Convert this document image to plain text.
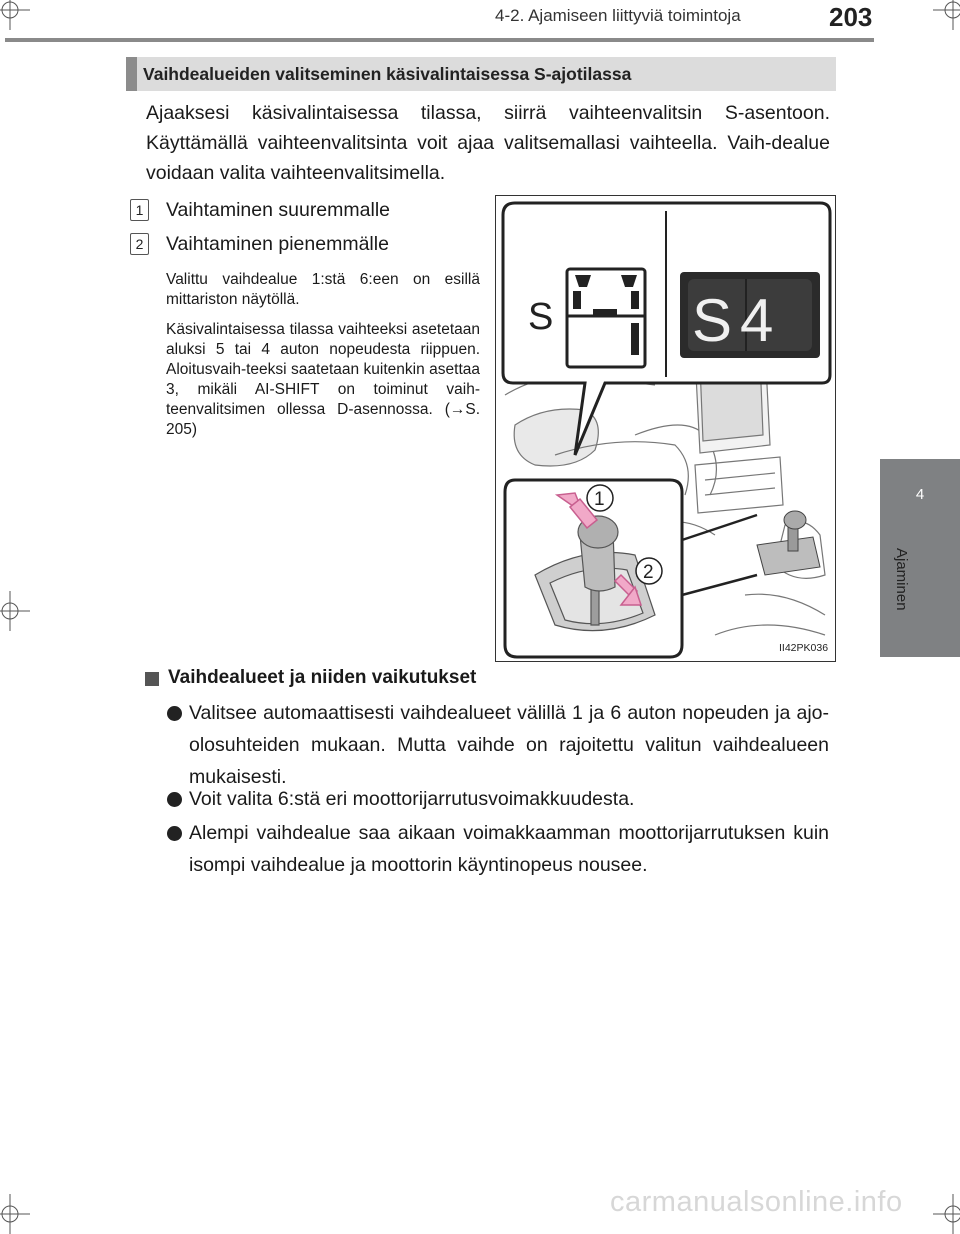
4-2. Ajamiseen liittyviä toimintoja	203
4
Ajaminen
Vaihdealueiden valitseminen käsivalintaisessa S-ajotilassa
Ajaaksesi käsivalintaisessa tilassa, siirrä vaihteenvalitsin S-asentoon. Käyttämällä vaihteenvalitsinta voit ajaa valitsemallasi vaihteella. Vaih-dealue voidaan valita vaihteenvalitsimella.
1 Vaihtaminen suuremmalle
2 Vaihtaminen pienemmälle
Valittu vaihdealue 1:stä 6:een on esillä mittariston näytöllä.
Käsivalintaisessa tilassa vaihteeksi asetetaan aluksi 5 tai 4 auton nopeudesta riippuen. Aloitusvaih-teeksi saatetaan kuitenkin asettaa 3, mikäli AI-SHIFT on toiminut vaih-teenvalitsimen ollessa D-asennossa. (→S. 205)
S S4
1
2
II42PK036
Vaihdealueet ja niiden vaikutukset
Valitsee automaattisesti vaihdealueet välillä 1 ja 6 auton nopeuden ja ajo-olosuhteiden mukaan. Mutta vaihde on rajoitettu valitun vaihdealueen mukaisesti.
Voit valita 6:stä eri moottorijarrutusvoimakkuudesta.
Alempi vaihdealue saa aikaan voimakkaamman moottorijarrutuksen kuin isompi vaihdealue ja moottorin käyntinopeus nousee.
carmanualsonline.info
